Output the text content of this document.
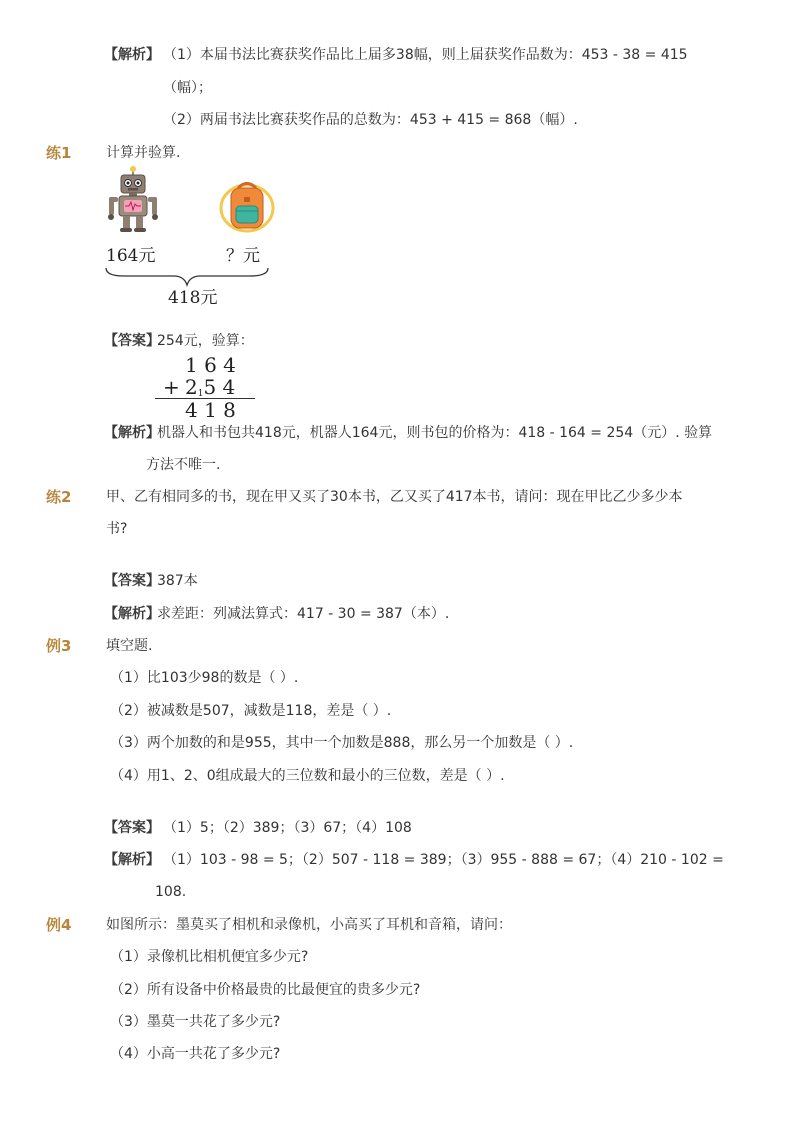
【解析】 （1）本届书法比赛获奖作品比上届多38幅，则上届获奖作品数为：453 - 38 = 415
（幅）；
（2）两届书法比赛获奖作品的总数为：453 + 415 = 868（幅）.
练1 计算并验算.
164元	？元
418元
【答案】
254元，验算：
1 6 4
+ 215 4
4 1 8
【解析】
机器人和书包共418元，机器人164元，则书包的价格为：418 - 164 = 254（元）. 验算
方法不唯一.
练2 甲、乙有相同多的书，现在甲又买了30本书，乙又买了417本书，请问：现在甲比乙少多少本
书?
【答案】
387本
【解析】
求差距：列减法算式：417 - 30 = 387（本）.
例3 填空题.
（1）比103少98的数是（ ）.
（2）被减数是507，减数是118，差是（ ）.
（3）两个加数的和是955，其中一个加数是888，那么另一个加数是（ ）.
（4）用1、2、0组成最大的三位数和最小的三位数，差是（ ）.
【答案】 （1）5；（2）389；（3）67；（4）108
【解析】 （1）103 - 98 = 5；（2）507 - 118 = 389；（3）955 - 888 = 67；（4）210 - 102 =
108.
例4 如图所示：墨莫买了相机和录像机，小高买了耳机和音箱，请问：
（1）录像机比相机便宜多少元?
（2）所有设备中价格最贵的比最便宜的贵多少元?
（3）墨莫一共花了多少元?
（4）小高一共花了多少元?
